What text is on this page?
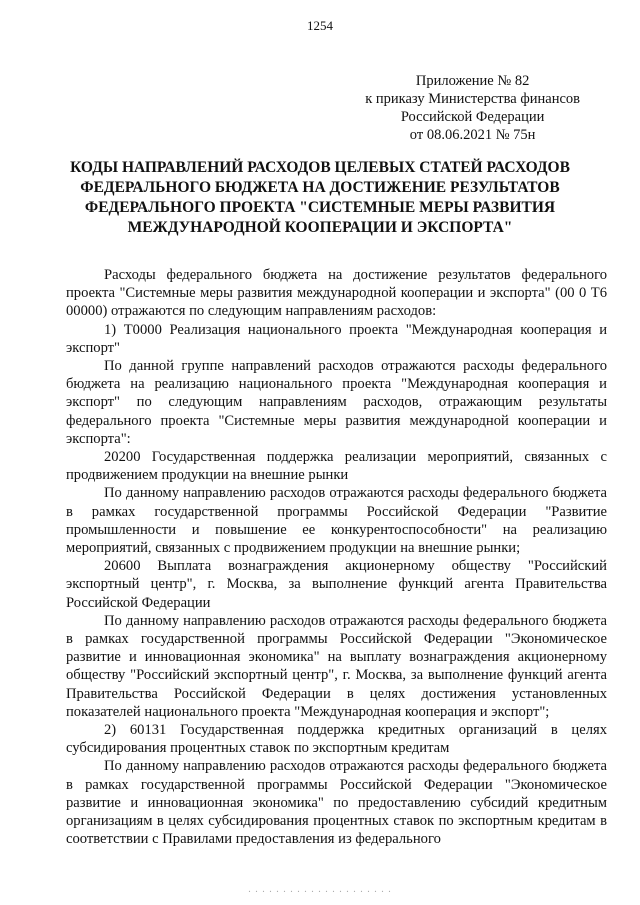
1254
Приложение № 82
к приказу Министерства финансов
Российской Федерации
от 08.06.2021 № 75н
КОДЫ НАПРАВЛЕНИЙ РАСХОДОВ ЦЕЛЕВЫХ СТАТЕЙ РАСХОДОВ ФЕДЕРАЛЬНОГО БЮДЖЕТА НА ДОСТИЖЕНИЕ РЕЗУЛЬТАТОВ ФЕДЕРАЛЬНОГО ПРОЕКТА "СИСТЕМНЫЕ МЕРЫ РАЗВИТИЯ МЕЖДУНАРОДНОЙ КООПЕРАЦИИ И ЭКСПОРТА"

Расходы федерального бюджета на достижение результатов федерального проекта "Системные меры развития международной кооперации и экспорта" (00 0 Т6 00000) отражаются по следующим направлениям расходов:

1) Т0000 Реализация национального проекта "Международная кооперация и экспорт"

По данной группе направлений расходов отражаются расходы федерального бюджета на реализацию национального проекта "Международная кооперация и экспорт" по следующим направлениям расходов, отражающим результаты федерального проекта "Системные меры развития международной кооперации и экспорта":

20200 Государственная поддержка реализации мероприятий, связанных с продвижением продукции на внешние рынки

По данному направлению расходов отражаются расходы федерального бюджета в рамках государственной программы Российской Федерации "Развитие промышленности и повышение ее конкурентоспособности" на реализацию мероприятий, связанных с продвижением продукции на внешние рынки;

20600 Выплата вознаграждения акционерному обществу "Российский экспортный центр", г. Москва, за выполнение функций агента Правительства Российской Федерации

По данному направлению расходов отражаются расходы федерального бюджета в рамках государственной программы Российской Федерации "Экономическое развитие и инновационная экономика" на выплату вознаграждения акционерному обществу "Российский экспортный центр", г. Москва, за выполнение функций агента Правительства Российской Федерации в целях достижения установленных показателей национального проекта "Международная кооперация и экспорт";

2) 60131 Государственная поддержка кредитных организаций в целях субсидирования процентных ставок по экспортным кредитам

По данному направлению расходов отражаются расходы федерального бюджета в рамках государственной программы Российской Федерации "Экономическое развитие и инновационная экономика" по предоставлению субсидий кредитным организациям в целях субсидирования процентных ставок по экспортным кредитам в соответствии с Правилами предоставления из федерального

. . . . . . . . . . . . . . . . . . . . .
